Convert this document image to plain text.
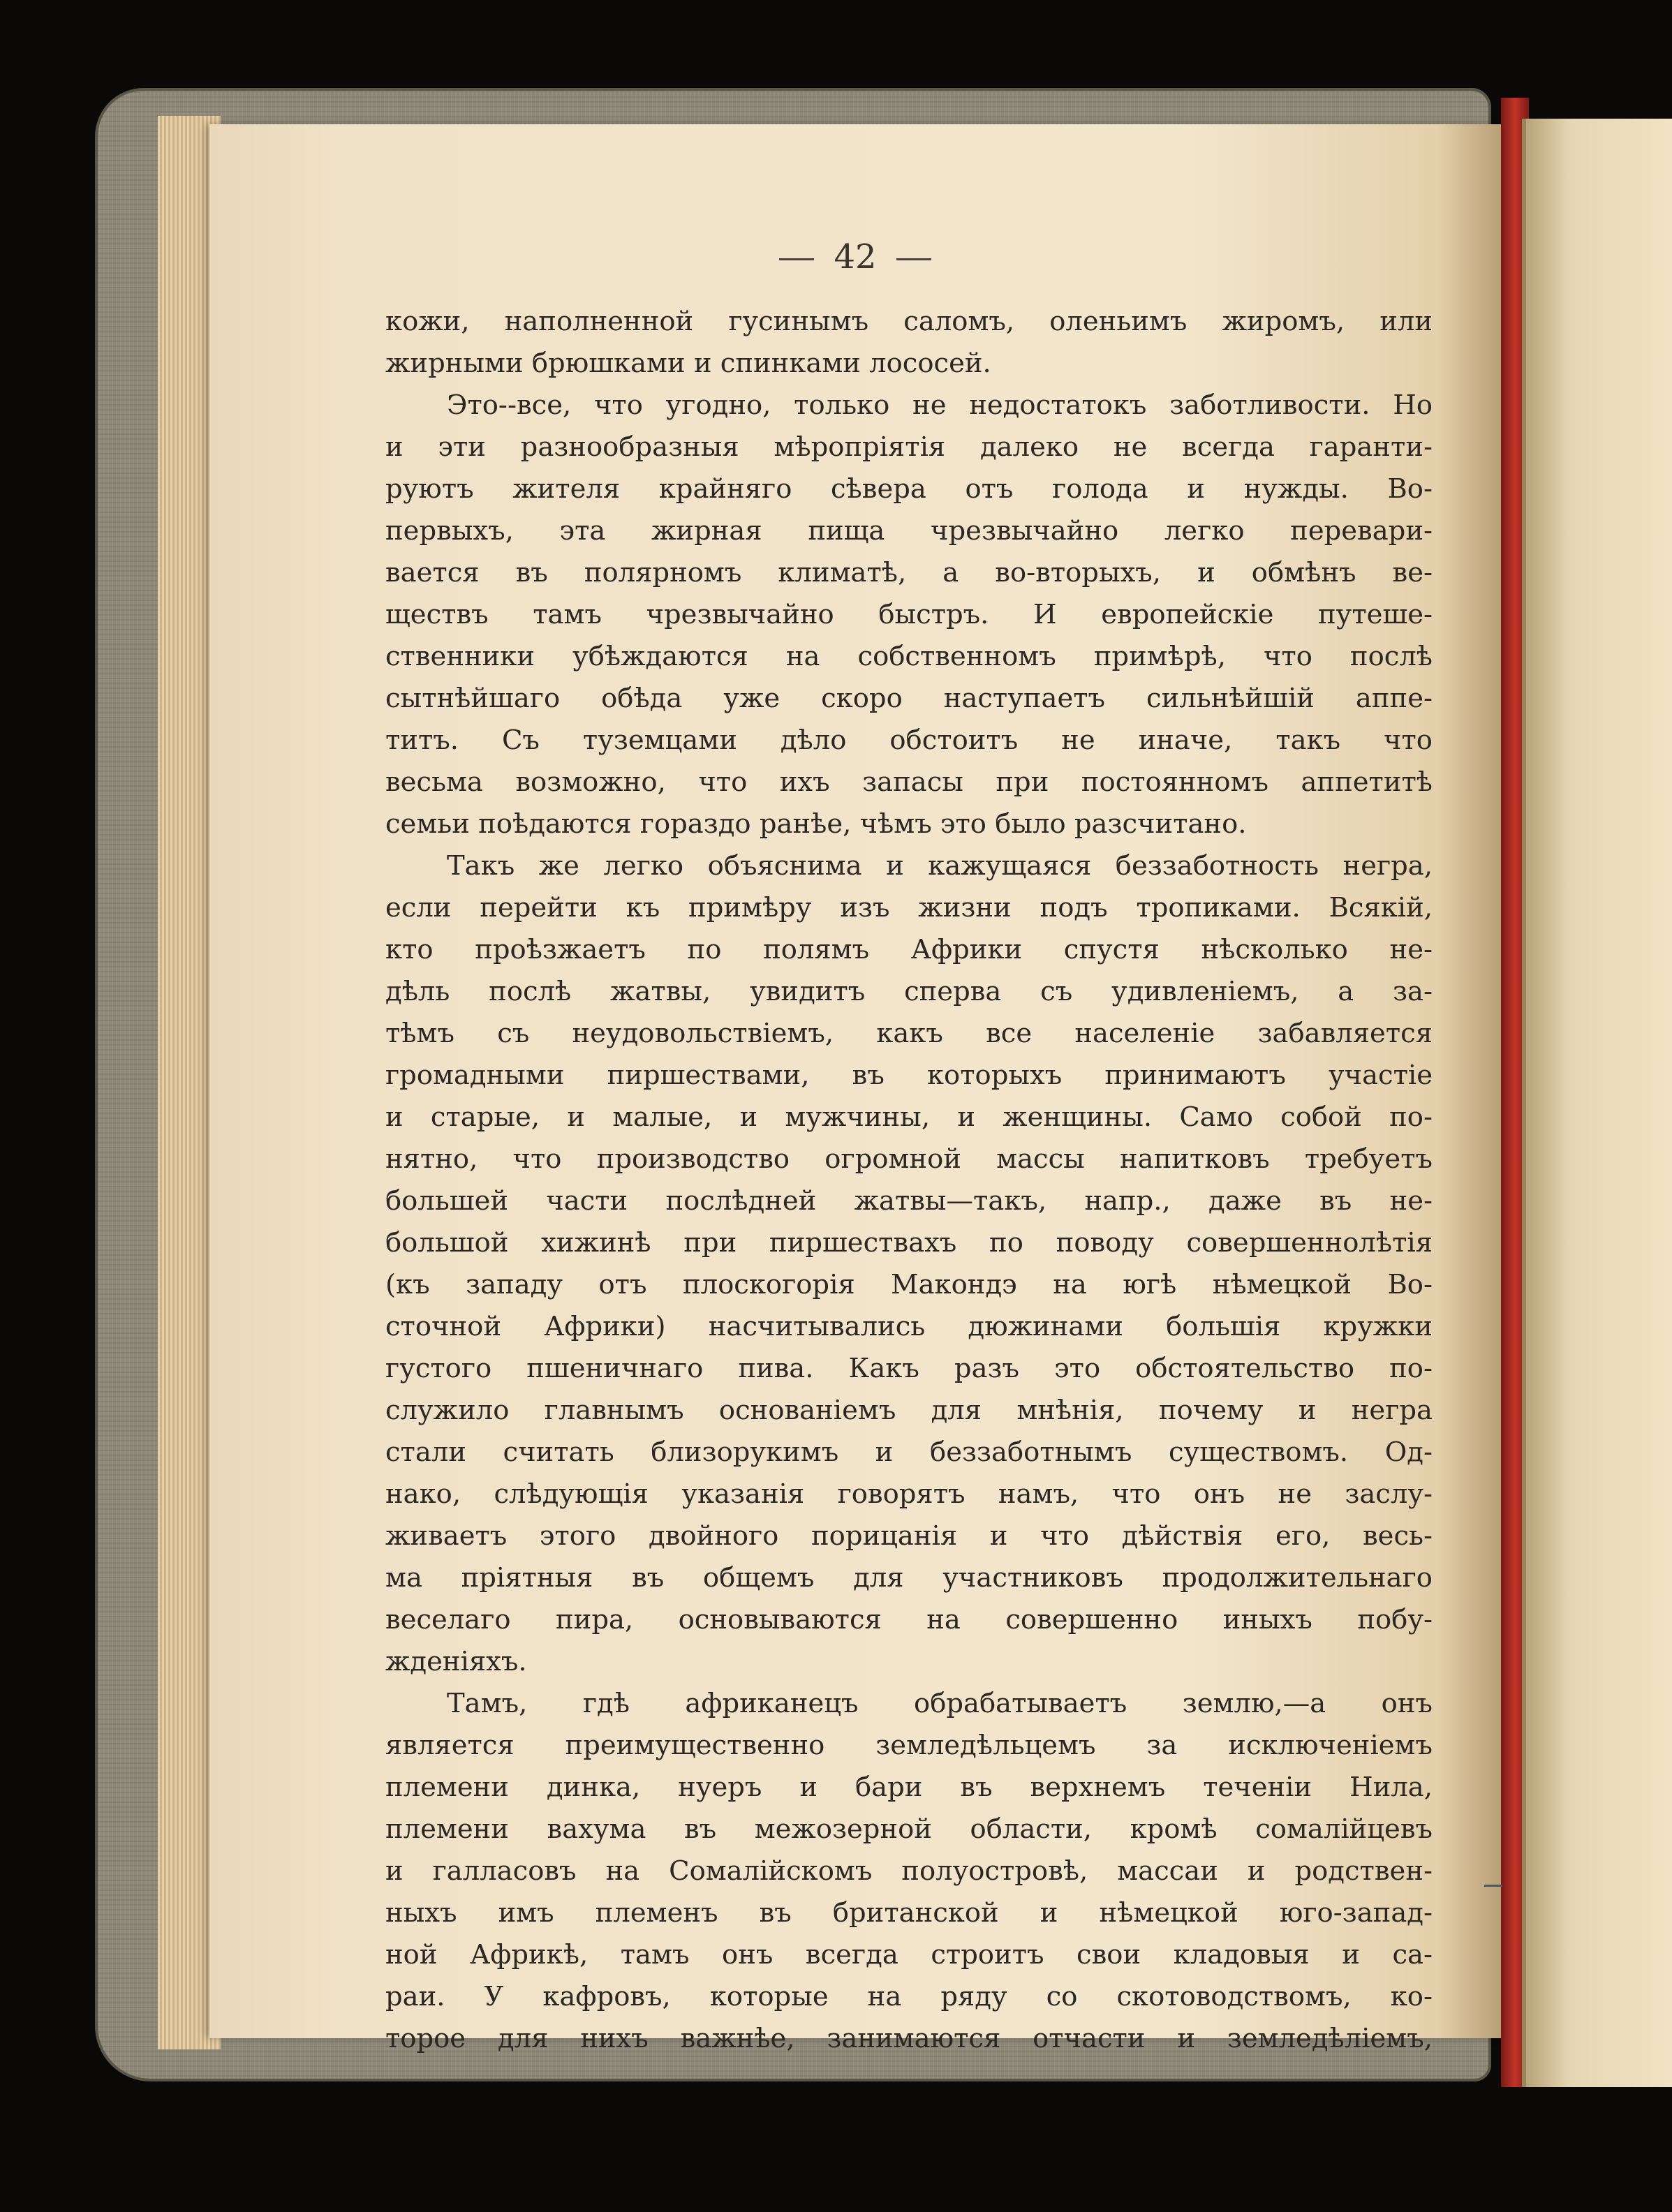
42
кожи, наполненной гусинымъ саломъ, оленьимъ жиромъ, или
жирными брюшками и спинками лососей.
Это--все, что угодно, только не недостатокъ заботливости. Но
и эти разнообразныя мѣропріятія далеко не всегда гаранти-
руютъ жителя крайняго сѣвера отъ голода и нужды. Во-
первыхъ, эта жирная пища чрезвычайно легко перевари-
вается въ полярномъ климатѣ, а во-вторыхъ, и обмѣнъ ве-
ществъ тамъ чрезвычайно быстръ. И европейскіе путеше-
ственники убѣждаются на собственномъ примѣрѣ, что послѣ
сытнѣйшаго обѣда уже скоро наступаетъ сильнѣйшій аппе-
титъ. Съ туземцами дѣло обстоитъ не иначе, такъ что
весьма возможно, что ихъ запасы при постоянномъ аппетитѣ
семьи поѣдаются гораздо ранѣе, чѣмъ это было разсчитано.
Такъ же легко объяснима и кажущаяся беззаботность негра,
если перейти къ примѣру изъ жизни подъ тропиками. Всякій,
кто проѣзжаетъ по полямъ Африки спустя нѣсколько не-
дѣль послѣ жатвы, увидитъ сперва съ удивленіемъ, а за-
тѣмъ съ неудовольствіемъ, какъ все населеніе забавляется
громадными пиршествами, въ которыхъ принимаютъ участіе
и старые, и малые, и мужчины, и женщины. Само собой по-
нятно, что производство огромной массы напитковъ требуетъ
большей части послѣдней жатвы—такъ, напр., даже въ не-
большой хижинѣ при пиршествахъ по поводу совершеннолѣтія
(къ западу отъ плоскогорія Макондэ на югѣ нѣмецкой Во-
сточной Африки) насчитывались дюжинами большія кружки
густого пшеничнаго пива. Какъ разъ это обстоятельство по-
служило главнымъ основаніемъ для мнѣнія, почему и негра
стали считать близорукимъ и беззаботнымъ существомъ. Од-
нако, слѣдующія указанія говорятъ намъ, что онъ не заслу-
живаетъ этого двойного порицанія и что дѣйствія его, весь-
ма пріятныя въ общемъ для участниковъ продолжительнаго
веселаго пира, основываются на совершенно иныхъ побу-
жденіяхъ.
Тамъ, гдѣ африканецъ обрабатываетъ землю,—а онъ
является преимущественно земледѣльцемъ за исключеніемъ
племени динка, нуеръ и бари въ верхнемъ теченіи Нила,
племени вахума въ межозерной области, кромѣ сомалійцевъ
и галласовъ на Сомалійскомъ полуостровѣ, массаи и родствен-
ныхъ имъ племенъ въ британской и нѣмецкой юго-запад-
ной Африкѣ, тамъ онъ всегда строитъ свои кладовыя и са-
раи. У кафровъ, которые на ряду со скотоводствомъ, ко-
торое для нихъ важнѣе, занимаются отчасти и земледѣліемъ,
